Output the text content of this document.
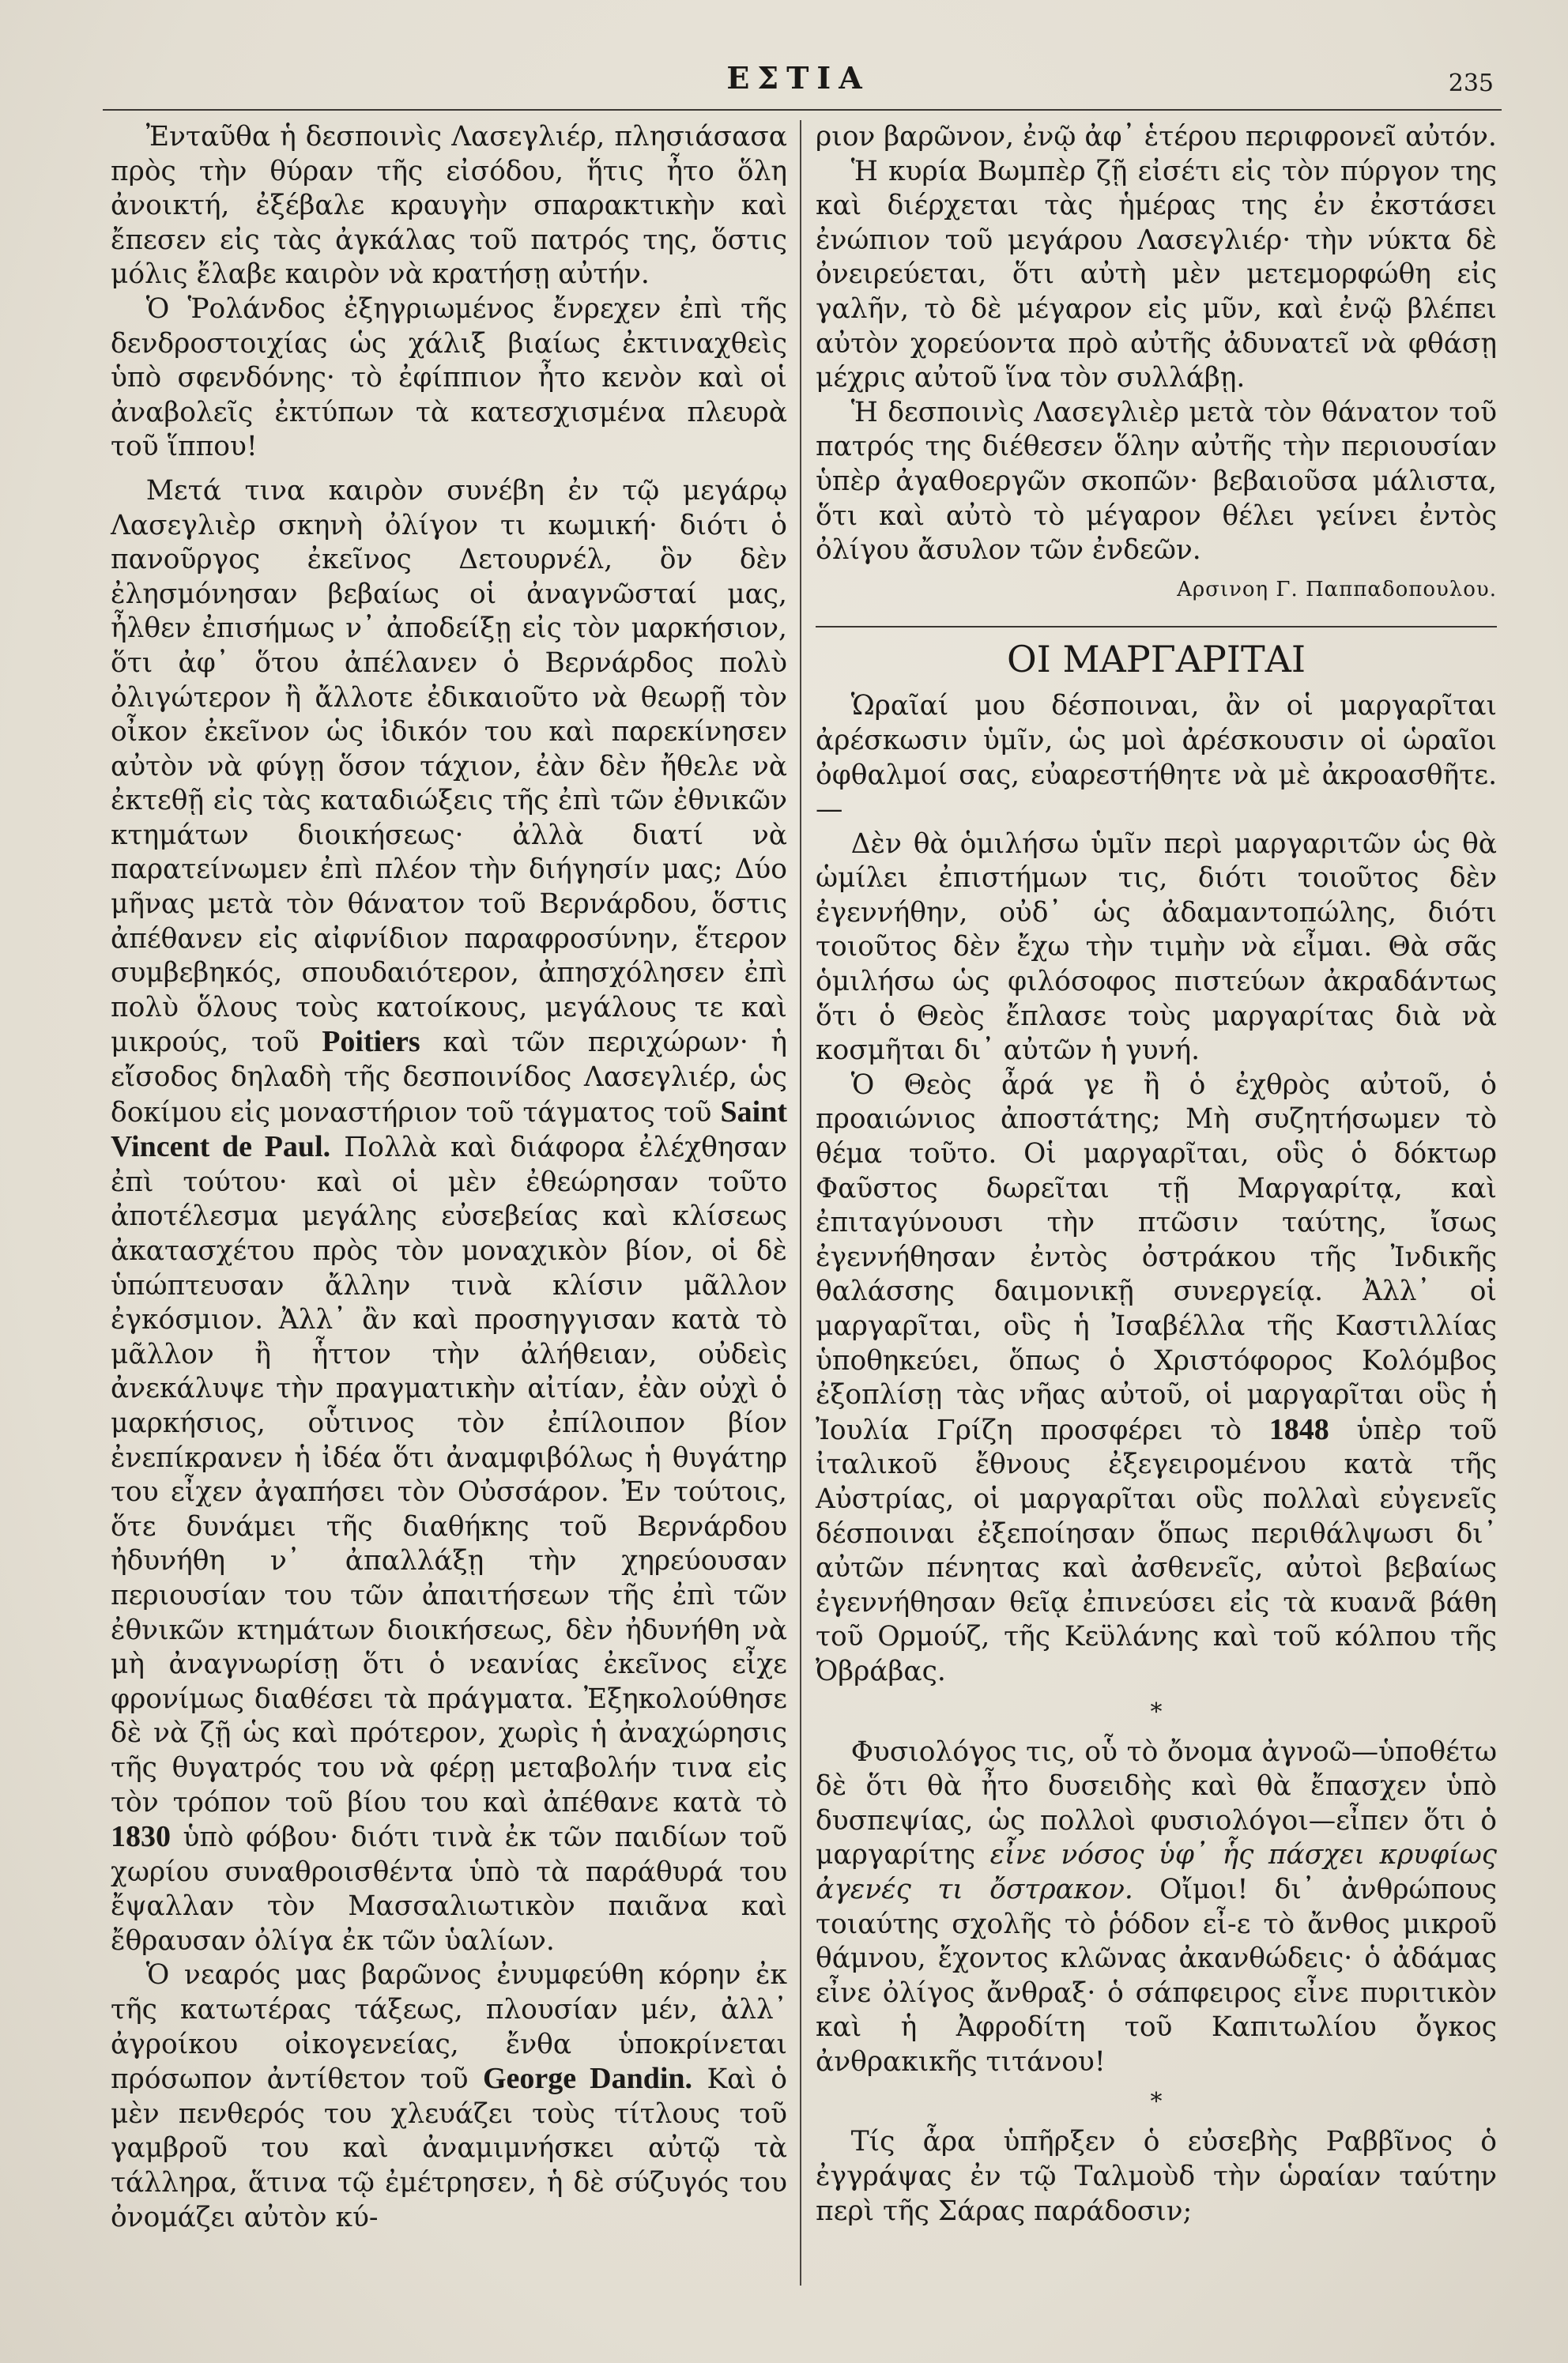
ΕΣΤΙΑ	235

Ἐνταῦθα ἡ δεσποινὶς Λασεγλιέρ, πλησιάσασα πρὸς τὴν θύραν τῆς εἰσόδου, ἥτις ἦτο ὅλη ἀνοικτή, ἐξέβαλε κραυγὴν σπαρακτικὴν καὶ ἔπεσεν εἰς τὰς ἀγκάλας τοῦ πατρός της, ὅστις μόλις ἔλαβε καιρὸν νὰ κρατήσῃ αὐτήν.

Ὁ Ῥολάνδος ἐξηγριωμένος ἔνρεχεν ἐπὶ τῆς δενδροστοιχίας ὡς χάλιξ βιαίως ἐκτιναχθεὶς ὑπὸ σφενδόνης· τὸ ἐφίππιον ἦτο κενὸν καὶ οἱ ἀναβολεῖς ἐκτύπων τὰ κατεσχισμένα πλευρὰ τοῦ ἵππου!

Μετά τινα καιρὸν συνέβη ἐν τῷ μεγάρῳ Λασεγλιὲρ σκηνὴ ὀλίγον τι κωμική· διότι ὁ πανοῦργος ἐκεῖνος Δετουρνέλ, ὃν δὲν ἐλησμόνησαν βεβαίως οἱ ἀναγνῶσταί μας, ἦλθεν ἐπισήμως ν᾿ ἀποδείξῃ εἰς τὸν μαρκήσιον, ὅτι ἀφ᾿ ὅτου ἀπέλανεν ὁ Βερνάρδος πολὺ ὀλιγώτερον ἢ ἄλλοτε ἐδικαιοῦτο νὰ θεωρῇ τὸν οἶκον ἐκεῖνον ὡς ἰδικόν του καὶ παρεκίνησεν αὐτὸν νὰ φύγῃ ὅσον τάχιον, ἐὰν δὲν ἤθελε νὰ ἐκτεθῇ εἰς τὰς καταδιώξεις τῆς ἐπὶ τῶν ἐθνικῶν κτημάτων διοικήσεως· ἀλλὰ διατί νὰ παρατείνωμεν ἐπὶ πλέον τὴν διήγησίν μας; Δύο μῆνας μετὰ τὸν θάνατον τοῦ Βερνάρδου, ὅστις ἀπέθανεν εἰς αἰφνίδιον παραφροσύνην, ἕτερον συμβεβηκός, σπουδαιότερον, ἀπησχόλησεν ἐπὶ πολὺ ὅλους τοὺς κατοίκους, μεγάλους τε καὶ μικρούς, τοῦ Poitiers καὶ τῶν περιχώρων· ἡ εἴσοδος δηλαδὴ τῆς δεσποινίδος Λασεγλιέρ, ὡς δοκίμου εἰς μοναστήριον τοῦ τάγματος τοῦ Saint Vincent de Paul. Πολλὰ καὶ διάφορα ἐλέχθησαν ἐπὶ τούτου· καὶ οἱ μὲν ἐθεώρησαν τοῦτο ἀποτέλεσμα μεγάλης εὐσεβείας καὶ κλίσεως ἀκατασχέτου πρὸς τὸν μοναχικὸν βίον, οἱ δὲ ὑπώπτευσαν ἄλλην τινὰ κλίσιν μᾶλλον ἐγκόσμιον. Ἀλλ᾿ ἂν καὶ προσηγγισαν κατὰ τὸ μᾶλλον ἢ ἧττον τὴν ἀλήθειαν, οὐδεὶς ἀνεκάλυψε τὴν πραγματικὴν αἰτίαν, ἐὰν οὐχὶ ὁ μαρκήσιος, οὗτινος τὸν ἐπίλοιπον βίον ἐνεπίκρανεν ἡ ἰδέα ὅτι ἀναμφιβόλως ἡ θυγάτηρ του εἶχεν ἀγαπήσει τὸν Οὐσσάρον. Ἐν τούτοις, ὅτε δυνάμει τῆς διαθήκης τοῦ Βερνάρδου ἠδυνήθη ν᾿ ἀπαλλάξῃ τὴν χηρεύουσαν περιουσίαν του τῶν ἀπαιτήσεων τῆς ἐπὶ τῶν ἐθνικῶν κτημάτων διοικήσεως, δὲν ἠδυνήθη νὰ μὴ ἀναγνωρίσῃ ὅτι ὁ νεανίας ἐκεῖνος εἶχε φρονίμως διαθέσει τὰ πράγματα. Ἐξηκολούθησε δὲ νὰ ζῇ ὡς καὶ πρότερον, χωρὶς ἡ ἀναχώρησις τῆς θυγατρός του νὰ φέρῃ μεταβολήν τινα εἰς τὸν τρόπον τοῦ βίου του καὶ ἀπέθανε κατὰ τὸ 1830 ὑπὸ φόβου· διότι τινὰ ἐκ τῶν παιδίων τοῦ χωρίου συναθροισθέντα ὑπὸ τὰ παράθυρά του ἔψαλλαν τὸν Μασσαλιωτικὸν παιᾶνα καὶ ἔθραυσαν ὀλίγα ἐκ τῶν ὑαλίων.

Ὁ νεαρός μας βαρῶνος ἐνυμφεύθη κόρην ἐκ τῆς κατωτέρας τάξεως, πλουσίαν μέν, ἀλλ᾿ ἀγροίκου οἰκογενείας, ἔνθα ὑποκρίνεται πρόσωπον ἀντίθετον τοῦ George Dandin. Καὶ ὁ μὲν πενθερός του χλευάζει τοὺς τίτλους τοῦ γαμβροῦ του καὶ ἀναμιμνήσκει αὐτῷ τὰ τάλληρα, ἅτινα τῷ ἐμέτρησεν, ἡ δὲ σύζυγός του ὀνομάζει αὐτὸν κύ-

ριον βαρῶνον, ἐνῷ ἀφ᾿ ἑτέρου περιφρονεῖ αὐτόν.

Ἡ κυρία Βωμπὲρ ζῇ εἰσέτι εἰς τὸν πύργον της καὶ διέρχεται τὰς ἡμέρας της ἐν ἐκστάσει ἐνώπιον τοῦ μεγάρου Λασεγλιέρ· τὴν νύκτα δὲ ὀνειρεύεται, ὅτι αὐτὴ μὲν μετεμορφώθη εἰς γαλῆν, τὸ δὲ μέγαρον εἰς μῦν, καὶ ἐνῷ βλέπει αὐτὸν χορεύοντα πρὸ αὐτῆς ἀδυνατεῖ νὰ φθάσῃ μέχρις αὐτοῦ ἵνα τὸν συλλάβῃ.

Ἡ δεσποινὶς Λασεγλιὲρ μετὰ τὸν θάνατον τοῦ πατρός της διέθεσεν ὅλην αὐτῆς τὴν περιουσίαν ὑπὲρ ἀγαθοεργῶν σκοπῶν· βεβαιοῦσα μάλιστα, ὅτι καὶ αὐτὸ τὸ μέγαρον θέλει γείνει ἐντὸς ὀλίγου ἄσυλον τῶν ἐνδεῶν.

Αρσινοη Γ. Παππαδοπουλου.
ΟΙ ΜΑΡΓΑΡΙΤΑΙ

Ὡραῖαί μου δέσποιναι, ἂν οἱ μαργαρῖται ἀρέσκωσιν ὑμῖν, ὡς μοὶ ἀρέσκουσιν οἱ ὡραῖοι ὀφθαλμοί σας, εὐαρεστήθητε νὰ μὲ ἀκροασθῆτε. —

Δὲν θὰ ὁμιλήσω ὑμῖν περὶ μαργαριτῶν ὡς θὰ ὡμίλει ἐπιστήμων τις, διότι τοιοῦτος δὲν ἐγεννήθην, οὐδ᾿ ὡς ἀδαμαντοπώλης, διότι τοιοῦτος δὲν ἔχω τὴν τιμὴν νὰ εἶμαι. Θὰ σᾶς ὁμιλήσω ὡς φιλόσοφος πιστεύων ἀκραδάντως ὅτι ὁ Θεὸς ἔπλασε τοὺς μαργαρίτας διὰ νὰ κοσμῆται δι᾿ αὐτῶν ἡ γυνή.

Ὁ Θεὸς ἆρά γε ἢ ὁ ἐχθρὸς αὐτοῦ, ὁ προαιώνιος ἀποστάτης; Μὴ συζητήσωμεν τὸ θέμα τοῦτο. Οἱ μαργαρῖται, οὓς ὁ δόκτωρ Φαῦστος δωρεῖται τῇ Μαργαρίτᾳ, καὶ ἐπιταγύνουσι τὴν πτῶσιν ταύτης, ἴσως ἐγεννήθησαν ἐντὸς ὀστράκου τῆς Ἰνδικῆς θαλάσσης δαιμονικῇ συνεργείᾳ. Ἀλλ᾿ οἱ μαργαρῖται, οὓς ἡ Ἰσαβέλλα τῆς Καστιλλίας ὑποθηκεύει, ὅπως ὁ Χριστόφορος Κολόμβος ἐξοπλίσῃ τὰς νῆας αὐτοῦ, οἱ μαργαρῖται οὓς ἡ Ἰουλία Γρίζη προσφέρει τὸ 1848 ὑπὲρ τοῦ ἰταλικοῦ ἔθνους ἐξεγειρομένου κατὰ τῆς Αὐστρίας, οἱ μαργαρῖται οὓς πολλαὶ εὐγενεῖς δέσποιναι ἐξεποίησαν ὅπως περιθάλψωσι δι᾿ αὐτῶν πένητας καὶ ἀσθενεῖς, αὐτοὶ βεβαίως ἐγεννήθησαν θεῖᾳ ἐπινεύσει εἰς τὰ κυανᾶ βάθη τοῦ Ορμούζ, τῆς Κεϋλάνης καὶ τοῦ κόλπου τῆς Ὀβράβας.

*

Φυσιολόγος τις, οὗ τὸ ὄνομα ἀγνοῶ—ὑποθέτω δὲ ὅτι θὰ ἦτο δυσειδὴς καὶ θὰ ἔπασχεν ὑπὸ δυσπεψίας, ὡς πολλοὶ φυσιολόγοι—εἶπεν ὅτι ὁ μαργαρίτης εἶνε νόσος ὑφ᾿ ἧς πάσχει κρυφίως ἀγενές τι ὄστρακον. Οἴμοι! δι᾿ ἀνθρώπους τοιαύτης σχολῆς τὸ ῥόδον εἶ-ε τὸ ἄνθος μικροῦ θάμνου, ἔχοντος κλῶνας ἀκανθώδεις· ὁ ἀδάμας εἶνε ὀλίγος ἄνθραξ· ὁ σάπφειρος εἶνε πυριτικὸν καὶ ἡ Ἀφροδίτη τοῦ Καπιτωλίου ὄγκος ἀνθρακικῆς τιτάνου!

*

Τίς ἆρα ὑπῆρξεν ὁ εὐσεβὴς Ραββῖνος ὁ ἐγγράψας ἐν τῷ Ταλμοὺδ τὴν ὡραίαν ταύτην περὶ τῆς Σάρας παράδοσιν;
